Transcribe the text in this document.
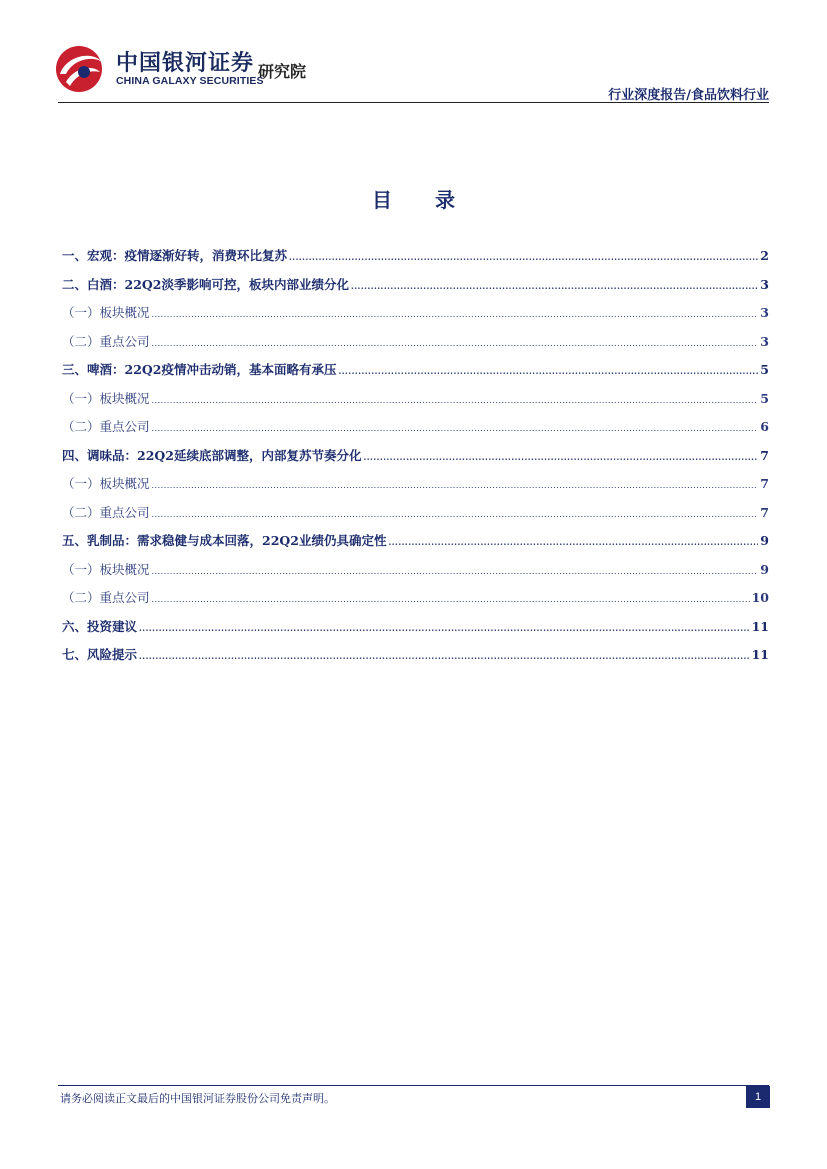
中国银河证券
CHINA GALAXY SECURITIES
研究院
行业深度报告/食品饮料行业
目 录
一、宏观：疫情逐渐好转，消费环比复苏 .....	2
二、白酒：22Q2淡季影响可控，板块内部业绩分化 .....	3
（一）板块概况 .....	3
（二）重点公司 .....	3
三、啤酒：22Q2疫情冲击动销，基本面略有承压 .....	5
（一）板块概况 .....	5
（二）重点公司 .....	6
四、调味品：22Q2延续底部调整，内部复苏节奏分化 .....	7
（一）板块概况 .....	7
（二）重点公司 .....	7
五、乳制品：需求稳健与成本回落，22Q2业绩仍具确定性 .....	9
（一）板块概况 .....	9
（二）重点公司 .....	10
六、投资建议 .....	11
七、风险提示 .....	11
请务必阅读正文最后的中国银河证券股份公司免责声明。	1
